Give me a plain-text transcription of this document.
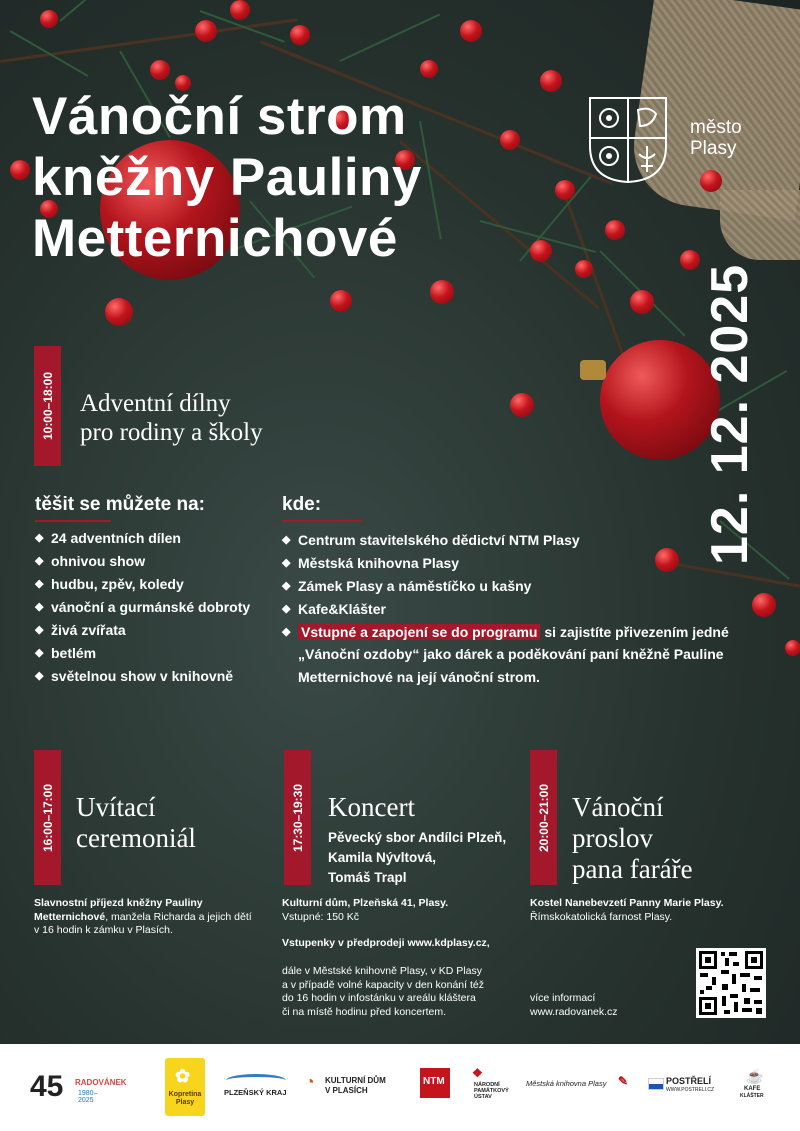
Vánoční strom
kněžny Pauliny
Metternichové
město
Plasy
12. 12. 2025
10:00–18:00 Adventní dílny
pro rodiny a školy
těšit se můžete na:
◆ 24 adventních dílen
◆ ohnivou show
◆ hudbu, zpěv, koledy
◆ vánoční a gurmánské dobroty
◆ živá zvířata
◆ betlém
◆ světelnou show v knihovně
kde:
◆ Centrum stavitelského dědictví NTM Plasy
◆ Městská knihovna Plasy
◆ Zámek Plasy a náměstíčko u kašny
◆ Kafe&Klášter
◆ Vstupné a zapojení se do programu si zajistíte přivezením jedné
„Vánoční ozdoby“ jako dárek a poděkování paní kněžně Pauline
Metternichové na její vánoční strom.
16:00–17:00 Uvítací
ceremoniál
Slavnostní příjezd kněžny Pauliny Metternichové, manžela Richarda a jejich dětí v 16 hodin k zámku v Plasích.
17:30–19:30 Koncert
Pěvecký sbor Andílci Plzeň,
Kamila Nývltová,
Tomáš Trapl
Kulturní dům, Plzeňská 41, Plasy.
Vstupné: 150 Kč
Vstupenky v předprodeji www.kdplasy.cz,
dále v Městské knihovně Plasy, v KD Plasy
a v případě volné kapacity v den konání též
do 16 hodin v infostánku v areálu kláštera
či na místě hodinu před koncertem.
20:00–21:00 Vánoční
proslov
pana faráře
Kostel Nanebevzetí Panny Marie Plasy.
Římskokatolická farnost Plasy.
více informací
www.radovanek.cz
45 RADOVÁNEK
1980–2025
✿
Kopretina Plasy
PLZEŇSKÝ KRAJ
◔ KULTURNÍ DŮM
V PLASÍCH
NTM
❖
NÁRODNÍ
PAMÁTKOVÝ
ÚSTAV
Městská knihovna Plasy ✎	POSTŘELÍ
WWW.POSTRELI.CZ
☕
KAFE
KLÁŠTER
